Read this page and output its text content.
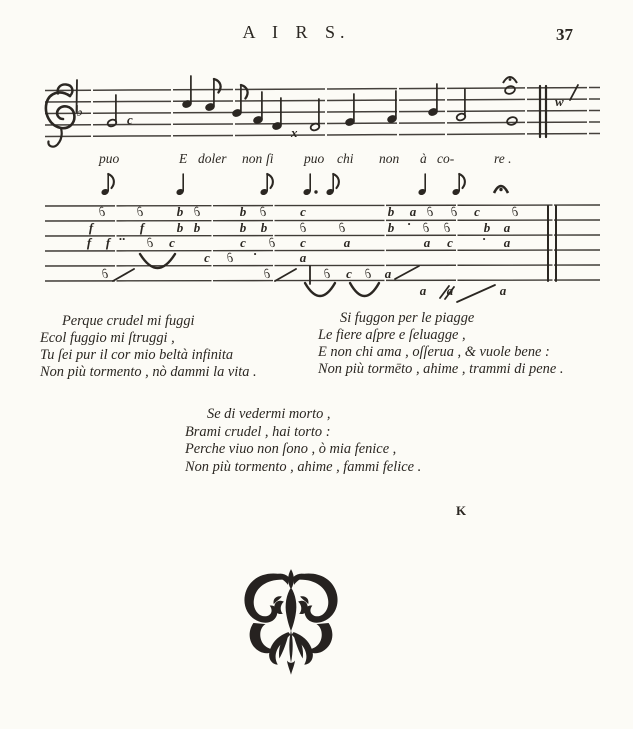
A I R S.	37
♭	c
x
w
puo	E doler non ſi puo chi non à co-	re .
∂ ∂	b ∂	b ∂	c	b a ∂ ∂ c ∂
f	f	b b	b b	∂	∂	b · ∂ ∂	b a
f f ·· ∂ c	c ∂ c	a	a c · a
c ∂ ·	a
∂	∂	∂ c ∂ a
a a	a
Perque crudel mi fuggi
Ecol fuggio mi ſtruggi ,
Tu ſei pur il cor mio beltà infinita
Non più tormento , nò dammi la vita .
Si fuggon per le piagge
Le fiere aſpre e ſeluagge ,
E non chi ama , oſſerua , & vuole bene :
Non più tormēto , ahime , trammi di pene .
Se di vedermi morto ,
Brami crudel , hai torto :
Perche viuo non ſono , ò mia fenice ,
Non più tormento , ahime , fammi felice .
K
